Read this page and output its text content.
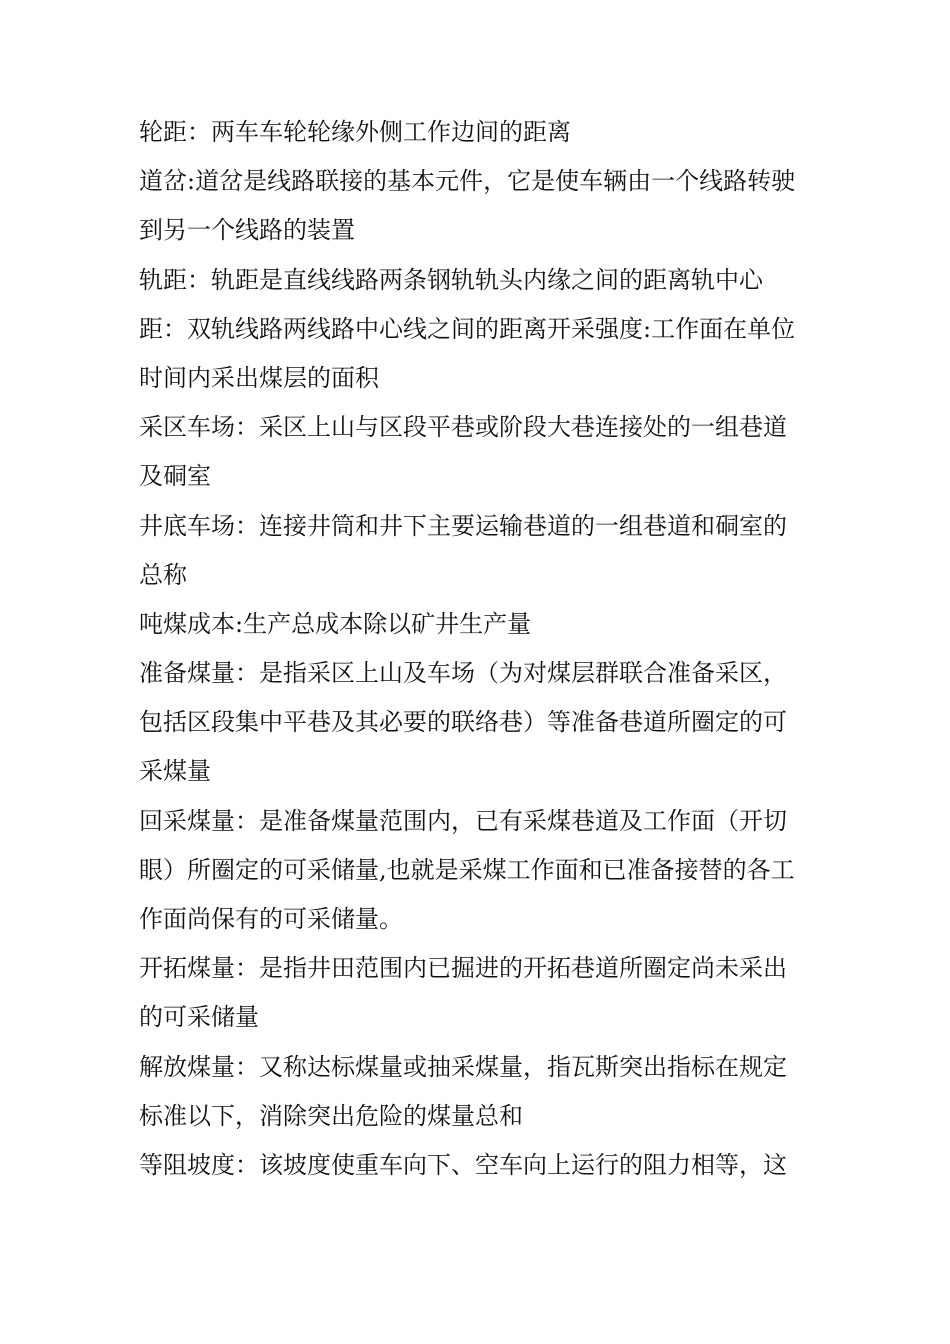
轮距：两车车轮轮缘外侧工作边间的距离
道岔:道岔是线路联接的基本元件，它是使车辆由一个线路转驶
到另一个线路的装置
轨距：轨距是直线线路两条钢轨轨头内缘之间的距离轨中心
距：双轨线路两线路中心线之间的距离开采强度:工作面在单位
时间内采出煤层的面积
采区车场：采区上山与区段平巷或阶段大巷连接处的一组巷道
及硐室
井底车场：连接井筒和井下主要运输巷道的一组巷道和硐室的
总称
吨煤成本:生产总成本除以矿井生产量
准备煤量：是指采区上山及车场（为对煤层群联合准备采区，
包括区段集中平巷及其必要的联络巷）等准备巷道所圈定的可
采煤量
回采煤量：是准备煤量范围内，已有采煤巷道及工作面（开切
眼）所圈定的可采储量,也就是采煤工作面和已准备接替的各工
作面尚保有的可采储量。
开拓煤量：是指井田范围内已掘进的开拓巷道所圈定尚未采出
的可采储量
解放煤量：又称达标煤量或抽采煤量，指瓦斯突出指标在规定
标准以下，消除突出危险的煤量总和
等阻坡度：该坡度使重车向下、空车向上运行的阻力相等，这
